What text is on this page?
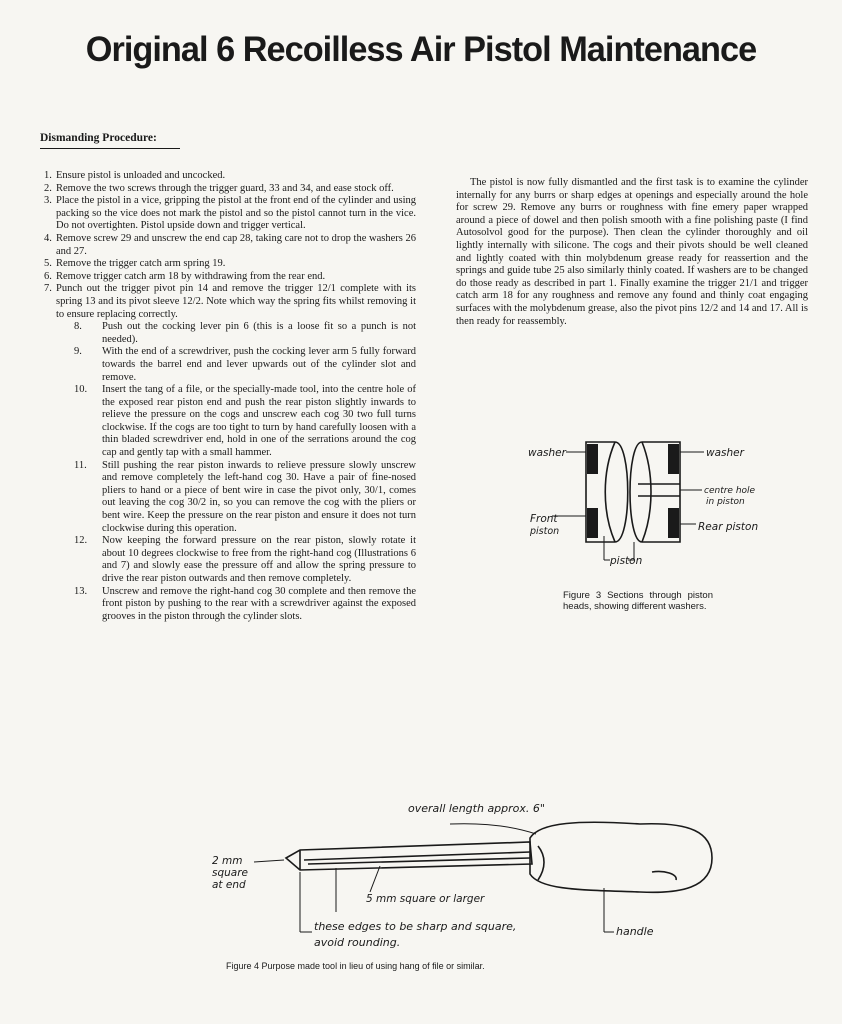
Original 6 Recoilless Air Pistol Maintenance
Dismanding Procedure:
1. Ensure pistol is unloaded and uncocked.
2. Remove the two screws through the trigger guard, 33 and 34, and ease stock off.
3. Place the pistol in a vice, gripping the pistol at the front end of the cylinder and using packing so the vice does not mark the pistol and so the pistol cannot turn in the vice. Do not overtighten. Pistol upside down and trigger vertical.
4. Remove screw 29 and unscrew the end cap 28, taking care not to drop the washers 26 and 27.
5. Remove the trigger catch arm spring 19.
6. Remove trigger catch arm 18 by withdrawing from the rear end.
7. Punch out the trigger pivot pin 14 and remove the trigger 12/1 complete with its spring 13 and its pivot sleeve 12/2. Note which way the spring fits whilst removing it to ensure replacing correctly.
8.	Push out the cocking lever pin 6 (this is a loose fit so a punch is not needed).
9.	With the end of a screwdriver, push the cocking lever arm 5 fully forward towards the barrel end and lever upwards out of the cylinder slot and remove.
10.	Insert the tang of a file, or the specially-made tool, into the centre hole of the exposed rear piston end and push the rear piston slightly inwards to relieve the pressure on the cogs and unscrew each cog 30 two full turns clockwise. If the cogs are too tight to turn by hand carefully loosen with a thin bladed screwdriver end, hold in one of the serrations around the cog cap and gently tap with a small hammer.
11.	Still pushing the rear piston inwards to relieve pressure slowly unscrew and remove completely the left-hand cog 30. Have a pair of fine-nosed pliers to hand or a piece of bent wire in case the pivot only, 30/1, comes out leaving the cog 30/2 in, so you can remove the cog with the pliers or bent wire. Keep the pressure on the rear piston and ensure it does not turn clockwise during this operation.
12.	Now keeping the forward pressure on the rear piston, slowly rotate it about 10 degrees clockwise to free from the right-hand cog (Illustrations 6 and 7) and slowly ease the pressure off and allow the spring pressure to drive the rear piston outwards and then remove completely.
13.	Unscrew and remove the right-hand cog 30 complete and then remove the front piston by pushing to the rear with a screwdriver against the exposed grooves in the piston through the cylinder slots.

The pistol is now fully dismantled and the first task is to examine the cylinder internally for any burrs or sharp edges at openings and especially around the hole for screw 29. Remove any burrs or roughness with fine emery paper wrapped around a piece of dowel and then polish smooth with a fine polishing paste (I find Autosolvol good for the purpose). Then clean the cylinder thoroughly and oil lightly internally with silicone. The cogs and their pivots should be well cleaned and lightly coated with thin molybdenum grease ready for reassertion and the springs and guide tube 25 also similarly thinly coated. If washers are to be changed do those ready as described in part 1. Finally examine the trigger 21/1 and trigger catch arm 18 for any roughness and remove any found and thinly coat engaging surfaces with the molybdenum grease, also the pivot pins 12/2 and 14 and 17. All is then ready for reassembly.

washer	washer
centre hole
in piston
Front
piston	Rear piston
piston
Figure 3 Sections through piston heads, showing different washers.
overall length approx. 6"
2 mm
square
at end
5 mm square or larger
these edges to be sharp and square,
avoid rounding.
handle
Figure 4 Purpose made tool in lieu of using hang of file or similar.
